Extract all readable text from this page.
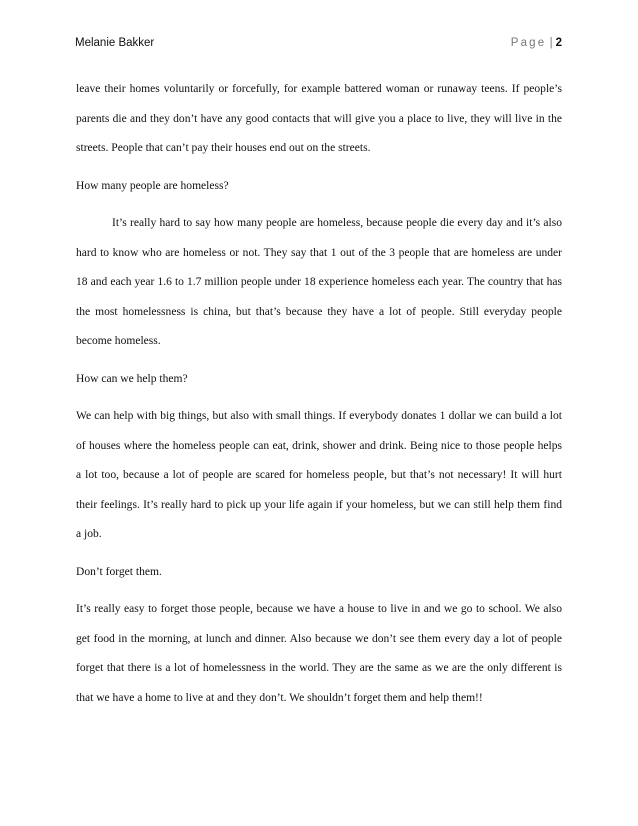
Melanie Bakker	Page | 2

leave their homes voluntarily or forcefully, for example battered woman or runaway teens. If people’s parents die and they don’t have any good contacts that will give you a place to live, they will live in the streets. People that can’t pay their houses end out on the streets.

How many people are homeless?

It’s really hard to say how many people are homeless, because people die every day and it’s also hard to know who are homeless or not. They say that 1 out of the 3 people that are homeless are under 18 and each year 1.6 to 1.7 million people under 18 experience homeless each year. The country that has the most homelessness is china, but that’s because they have a lot of people. Still everyday people become homeless.

How can we help them?

We can help with big things, but also with small things. If everybody donates 1 dollar we can build a lot of houses where the homeless people can eat, drink, shower and drink. Being nice to those people helps a lot too, because a lot of people are scared for homeless people, but that’s not necessary! It will hurt their feelings. It’s really hard to pick up your life again if your homeless, but we can still help them find a job.

Don’t forget them.

It’s really easy to forget those people, because we have a house to live in and we go to school. We also get food in the morning, at lunch and dinner. Also because we don’t see them every day a lot of people forget that there is a lot of homelessness in the world. They are the same as we are the only different is that we have a home to live at and they don’t. We shouldn’t forget them and help them!!
